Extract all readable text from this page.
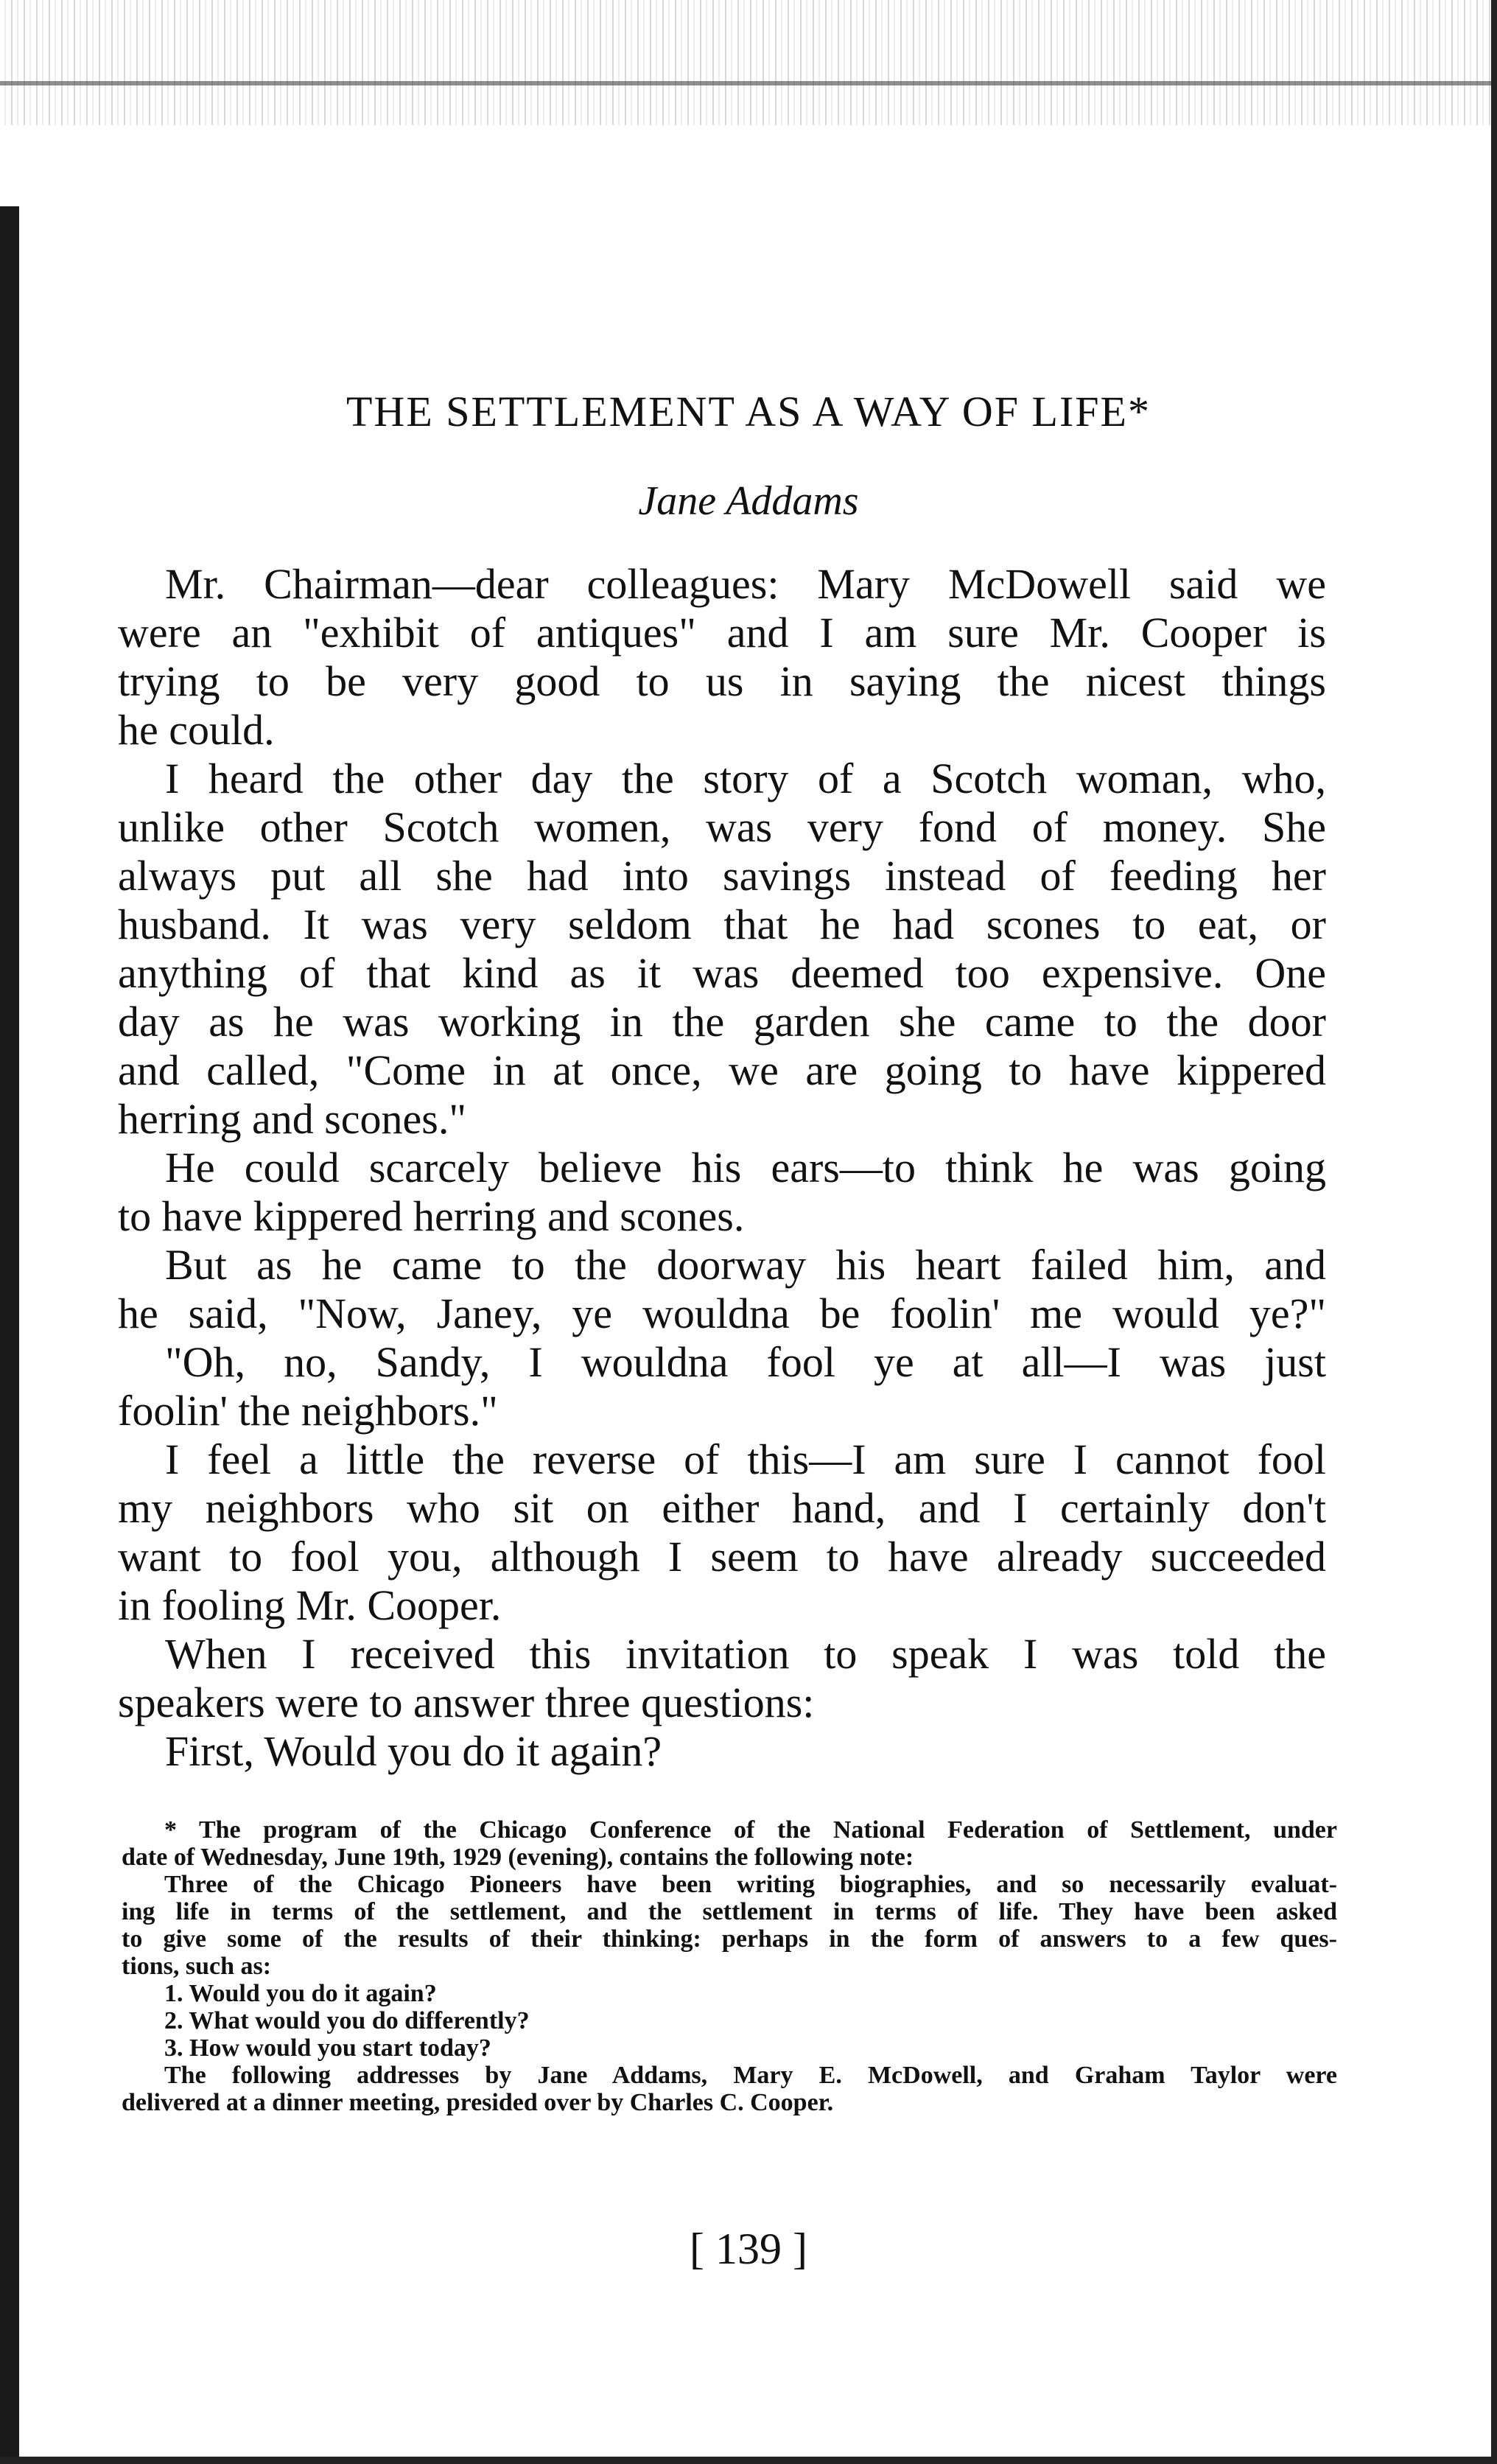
THE SETTLEMENT AS A WAY OF LIFE*
Jane Addams
Mr. Chairman—dear colleagues: Mary McDowell said we
were an "exhibit of antiques" and I am sure Mr. Cooper is
trying to be very good to us in saying the nicest things
he could.
I heard the other day the story of a Scotch woman, who,
unlike other Scotch women, was very fond of money. She
always put all she had into savings instead of feeding her
husband. It was very seldom that he had scones to eat, or
anything of that kind as it was deemed too expensive. One
day as he was working in the garden she came to the door
and called, "Come in at once, we are going to have kippered
herring and scones."
He could scarcely believe his ears—to think he was going
to have kippered herring and scones.
But as he came to the doorway his heart failed him, and
he said, "Now, Janey, ye wouldna be foolin' me would ye?"
"Oh, no, Sandy, I wouldna fool ye at all—I was just
foolin' the neighbors."
I feel a little the reverse of this—I am sure I cannot fool
my neighbors who sit on either hand, and I certainly don't
want to fool you, although I seem to have already succeeded
in fooling Mr. Cooper.
When I received this invitation to speak I was told the
speakers were to answer three questions:
First, Would you do it again?
* The program of the Chicago Conference of the National Federation of Settlement, under
date of Wednesday, June 19th, 1929 (evening), contains the following note:
Three of the Chicago Pioneers have been writing biographies, and so necessarily evaluat-
ing life in terms of the settlement, and the settlement in terms of life. They have been asked
to give some of the results of their thinking: perhaps in the form of answers to a few ques-
tions, such as:
1. Would you do it again?
2. What would you do differently?
3. How would you start today?
The following addresses by Jane Addams, Mary E. McDowell, and Graham Taylor were
delivered at a dinner meeting, presided over by Charles C. Cooper.
[ 139 ]
